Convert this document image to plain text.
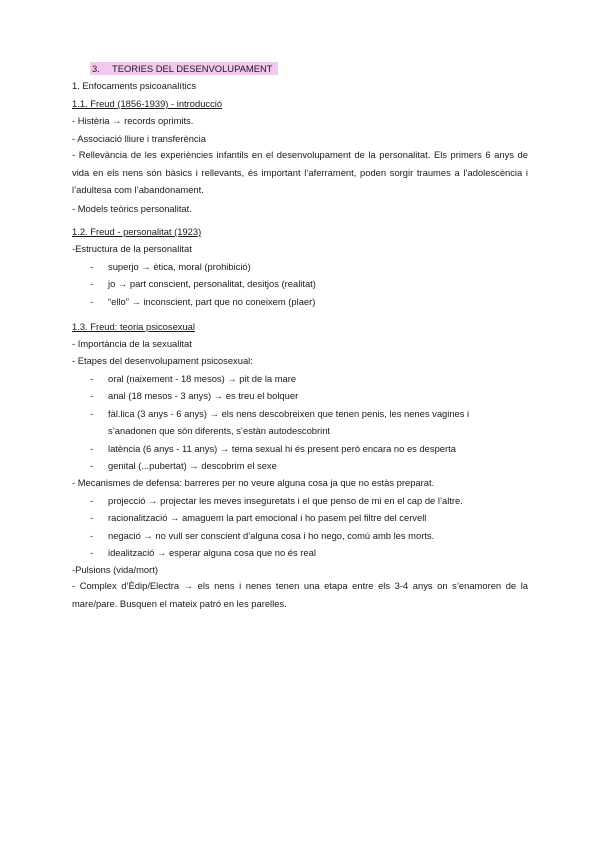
3. TEORIES DEL DESENVOLUPAMENT
1. Enfocaments psicoanalítics
1.1. Freud (1856-1939) - introducció
- Histèria → records oprimits.
- Associació lliure i transferència
- Rellevància de les experiències infantils en el desenvolupament de la personalitat. Els primers 6 anys de vida en els nens són bàsics i rellevants, és important l’aferrament, poden sorgir traumes a l’adolescència i l’adultesa com l’abandonament.
- Models teòrics personalitat.
1.2. Freud - personalitat (1923)
-Estructura de la personalitat
- superjo → ètica, moral (prohibició)
- jo → part conscient, personalitat, desitjos (realitat)
- “ello” → inconscient, part que no coneixem (plaer)
1.3. Freud: teoria psicosexual
- Importància de la sexualitat
- Etapes del desenvolupament psicosexual:
- oral (naixement - 18 mesos) → pit de la mare
- anal (18 mesos - 3 anys) → es treu el bolquer
- fàl.lica (3 anys - 6 anys) → els nens descobreixen que tenen penis, les nenes vagines i
s’anadonen que són diferents, s’estàn autodescobrint
- latència (6 anys - 11 anys) → tema sexual hi és present però encara no es desperta
- genital (...pubertat) → descobrim el sexe
- Mecanismes de defensa: barreres per no veure alguna cosa ja que no estàs preparat.
- projecció → projectar les meves inseguretats i el que penso de mi en el cap de l’altre.
- racionalització → amaguem la part emocional i ho pasem pel filtre del cervell
- negació → no vull ser conscient d’alguna cosa i ho nego, comú amb les morts.
- idealització → esperar alguna cosa que no és real
-Pulsions (vida/mort)
- Complex d’Èdip/Electra → els nens i nenes tenen una etapa entre els 3-4 anys on s’enamoren de la mare/pare. Busquen el mateix patró en les parelles.
